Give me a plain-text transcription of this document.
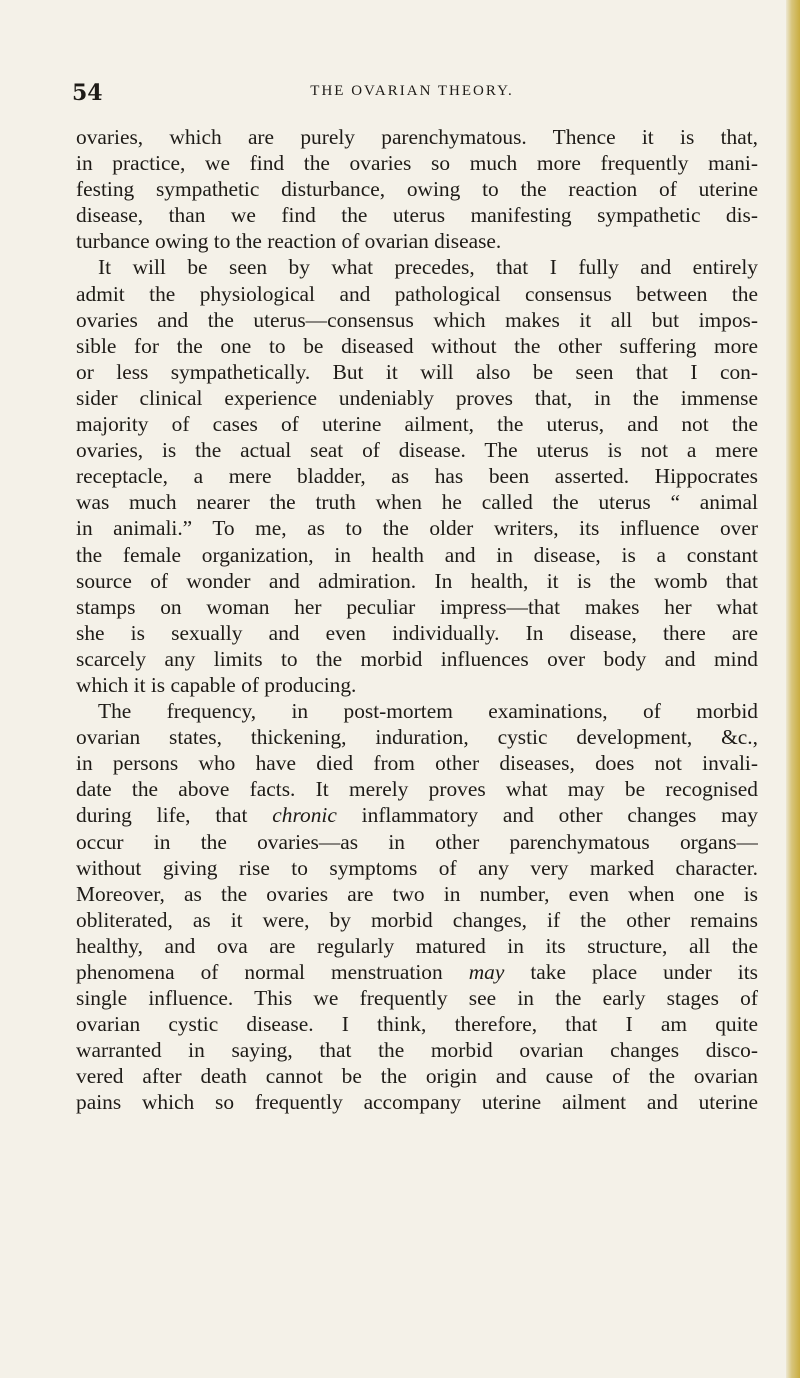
54	THE OVARIAN THEORY.
ovaries, which are purely parenchymatous. Thence it is that,
in practice, we find the ovaries so much more frequently mani-
festing sympathetic disturbance, owing to the reaction of uterine
disease, than we find the uterus manifesting sympathetic dis-
turbance owing to the reaction of ovarian disease.
It will be seen by what precedes, that I fully and entirely
admit the physiological and pathological consensus between the
ovaries and the uterus—consensus which makes it all but impos-
sible for the one to be diseased without the other suffering more
or less sympathetically. But it will also be seen that I con-
sider clinical experience undeniably proves that, in the immense
majority of cases of uterine ailment, the uterus, and not the
ovaries, is the actual seat of disease. The uterus is not a mere
receptacle, a mere bladder, as has been asserted. Hippocrates
was much nearer the truth when he called the uterus “ animal
in animali.” To me, as to the older writers, its influence over
the female organization, in health and in disease, is a constant
source of wonder and admiration. In health, it is the womb that
stamps on woman her peculiar impress—that makes her what
she is sexually and even individually. In disease, there are
scarcely any limits to the morbid influences over body and mind
which it is capable of producing.
The frequency, in post-mortem examinations, of morbid
ovarian states, thickening, induration, cystic development, &c.,
in persons who have died from other diseases, does not invali-
date the above facts. It merely proves what may be recognised
during life, that chronic inflammatory and other changes may
occur in the ovaries—as in other parenchymatous organs—
without giving rise to symptoms of any very marked character.
Moreover, as the ovaries are two in number, even when one is
obliterated, as it were, by morbid changes, if the other remains
healthy, and ova are regularly matured in its structure, all the
phenomena of normal menstruation may take place under its
single influence. This we frequently see in the early stages of
ovarian cystic disease. I think, therefore, that I am quite
warranted in saying, that the morbid ovarian changes disco-
vered after death cannot be the origin and cause of the ovarian
pains which so frequently accompany uterine ailment and uterine
